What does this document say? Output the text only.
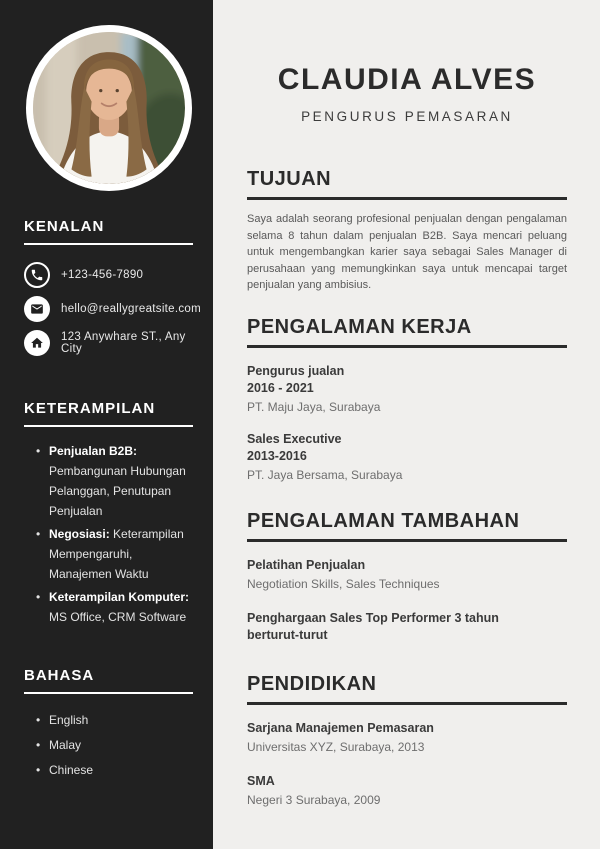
KENALAN
+123-456-7890
hello@reallygreatsite.com
123 Anywhare ST., Any City
KETERAMPILAN
• Penjualan B2B: Pembangunan Hubungan Pelanggan, Penutupan Penjualan
• Negosiasi: Keterampilan Mempengaruhi, Manajemen Waktu
• Keterampilan Komputer: MS Office, CRM Software
BAHASA
• English
• Malay
• Chinese
CLAUDIA ALVES
PENGURUS PEMASARAN
TUJUAN

Saya adalah seorang profesional penjualan dengan pengalaman selama 8 tahun dalam penjualan B2B. Saya mencari peluang untuk mengembangkan karier saya sebagai Sales Manager di perusahaan yang memungkinkan saya untuk mencapai target penjualan yang ambisius.

PENGALAMAN KERJA
Pengurus jualan
2016 - 2021
PT. Maju Jaya, Surabaya
Sales Executive
2013-2016
PT. Jaya Bersama, Surabaya
PENGALAMAN TAMBAHAN
Pelatihan Penjualan
Negotiation Skills, Sales Techniques
Penghargaan Sales Top Performer 3 tahun berturut-turut
PENDIDIKAN
Sarjana Manajemen Pemasaran
Universitas XYZ, Surabaya, 2013
SMA
Negeri 3 Surabaya, 2009
